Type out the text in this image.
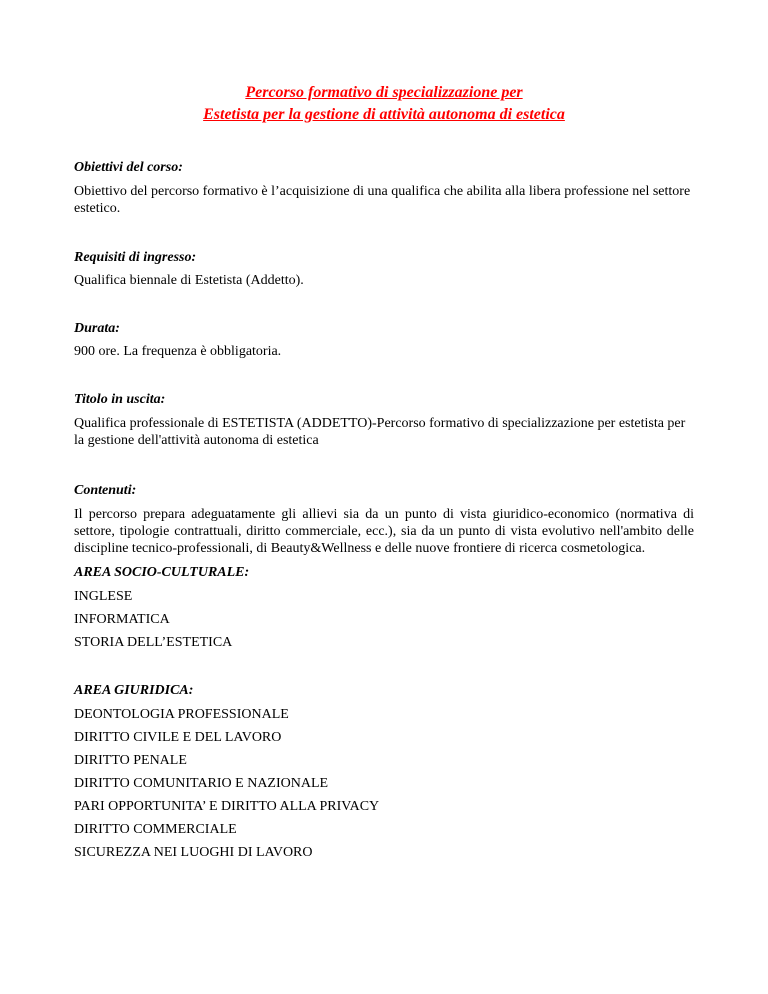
Percorso formativo di specializzazione per

Estetista per la gestione di attività autonoma di estetica

Obiettivi del corso:

Obiettivo del percorso formativo è l’acquisizione di una qualifica che abilita alla libera professione nel settore estetico.

Requisiti di ingresso:

Qualifica biennale di Estetista (Addetto).

Durata:

900 ore. La frequenza è obbligatoria.

Titolo in uscita:

Qualifica professionale di ESTETISTA (ADDETTO)-Percorso formativo di specializzazione per estetista per la gestione dell'attività autonoma di estetica

Contenuti:

Il percorso prepara adeguatamente gli allievi sia da un punto di vista giuridico-economico (normativa di settore, tipologie contrattuali, diritto commerciale, ecc.), sia da un punto di vista evolutivo nell'ambito delle discipline tecnico-professionali, di Beauty&Wellness e delle nuove frontiere di ricerca cosmetologica.

AREA SOCIO-CULTURALE:

INGLESE

INFORMATICA

STORIA DELL’ESTETICA

AREA GIURIDICA:

DEONTOLOGIA PROFESSIONALE

DIRITTO CIVILE E DEL LAVORO

DIRITTO PENALE

DIRITTO COMUNITARIO E NAZIONALE

PARI OPPORTUNITA’ E DIRITTO ALLA PRIVACY

DIRITTO COMMERCIALE

SICUREZZA NEI LUOGHI DI LAVORO
